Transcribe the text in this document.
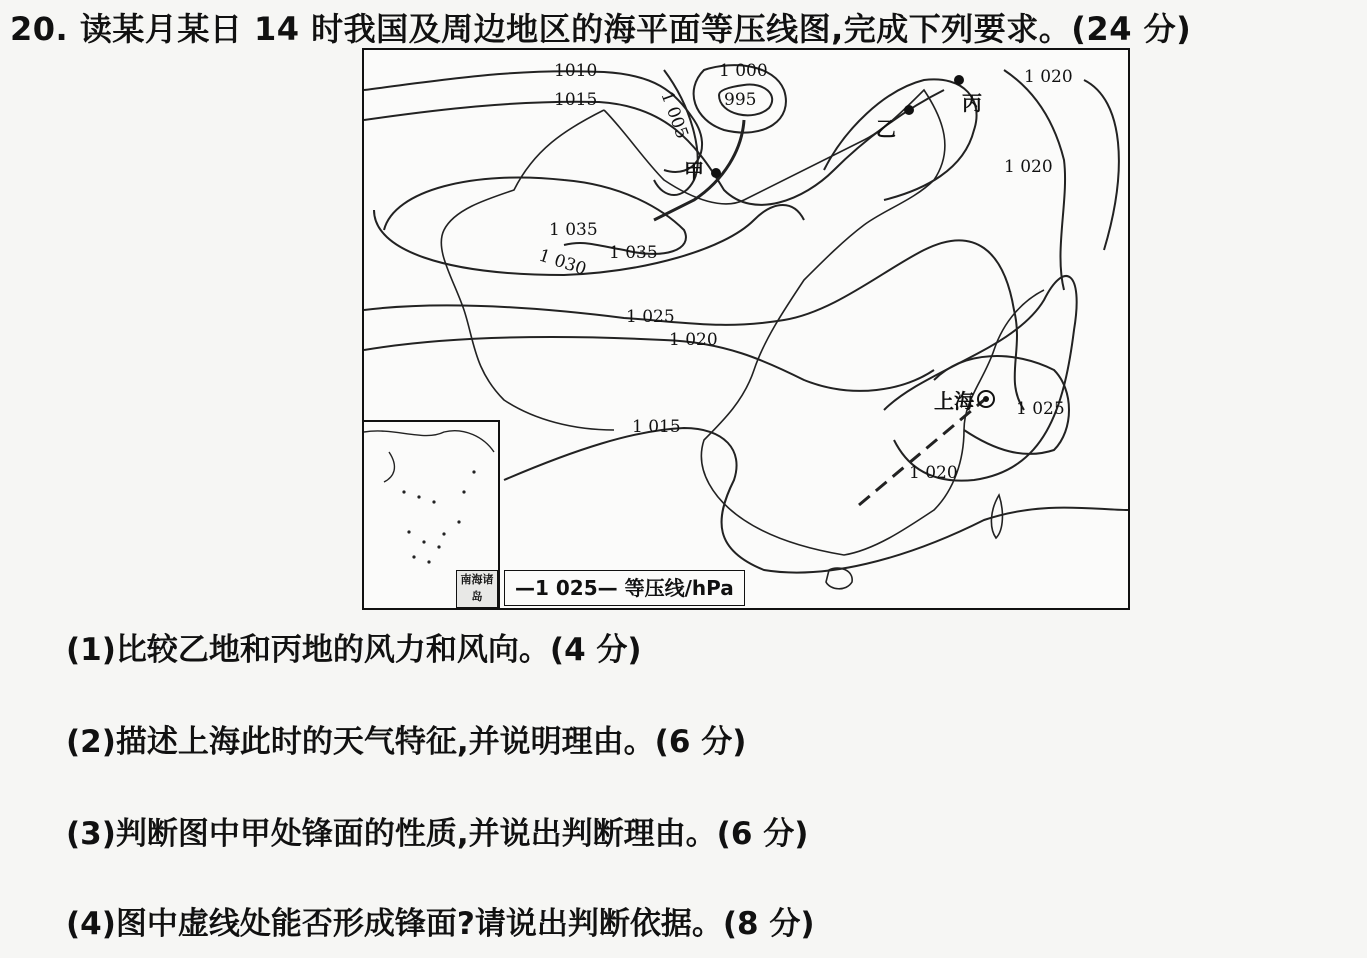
20. 读某月某日 14 时我国及周边地区的海平面等压线图,完成下列要求。(24 分)
1010
1015	1 005
1 000
995
1 020
1 020
1 035
1 035
1 030
1 025
1 020
1 015
1 025
1 020
甲
乙
丙
上海
南海诸岛	—1 025— 等压线/hPa
(1)比较乙地和丙地的风力和风向。(4 分)
(2)描述上海此时的天气特征,并说明理由。(6 分)
(3)判断图中甲处锋面的性质,并说出判断理由。(6 分)
(4)图中虚线处能否形成锋面?请说出判断依据。(8 分)
